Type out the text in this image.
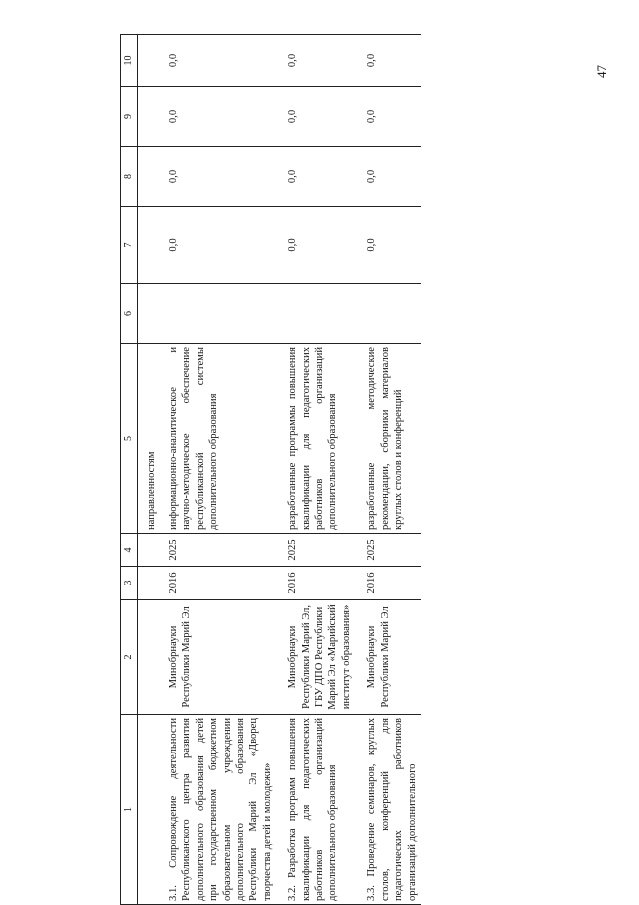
47
1	2	3	4	5	6	7	8	9	10
				направленностям					
3.1. Сопровождение деятельности Республиканского центра развития дополнительного образования детей при государственном бюджетном образовательном учреждении дополнительного образования Республики Марий Эл «Дворец творчества детей и молодежи»	Минобрнауки Республики Марий Эл	2016	2025	информационно-аналитическое и научно-методическое обеспечение республиканской системы дополнительного образования		0,0	0,0	0,0	0,0
3.2. Разработка программ повышения квалификации для педагогических работников организаций дополнительного образования	Минобрнауки Республики Марий Эл, ГБУ ДПО Республики Марий Эл «Марийский институт образования»	2016	2025	разработанные программы повышения квалификации для педагогических работников организаций дополнительного образования		0,0	0,0	0,0	0,0
3.3. Проведение семинаров, круглых столов, конференций для педагогических работников организаций дополнительного	Минобрнауки Республики Марий Эл	2016	2025	разработанные методические рекомендации, сборники материалов круглых столов и конференций		0,0	0,0	0,0	0,0
